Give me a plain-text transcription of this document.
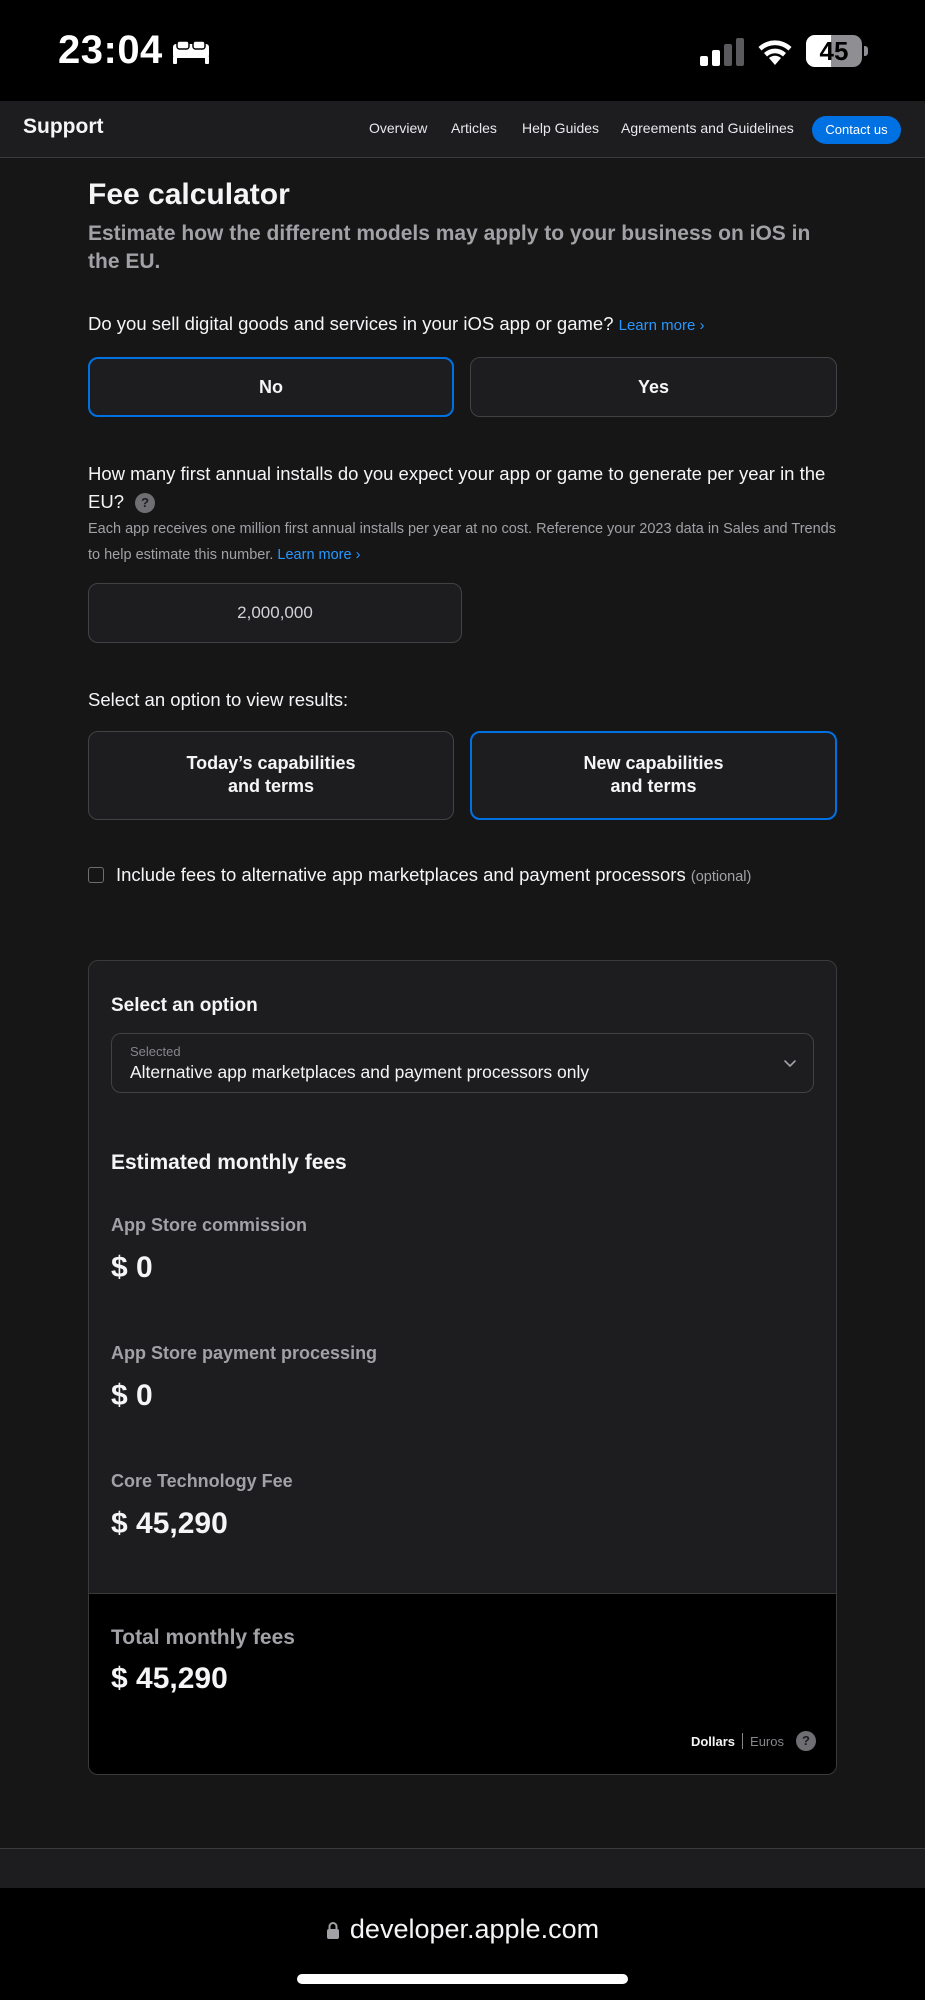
23:04	45
Support	Overview Articles Help Guides Agreements and Guidelines	Contact us
Fee calculator
Estimate how the different models may apply to your business on iOS in the EU.
Do you sell digital goods and services in your iOS app or game? Learn more ›
No	Yes
How many first annual installs do you expect your app or game to generate per year in the EU? ?
Each app receives one million first annual installs per year at no cost. Reference your 2023 data in Sales and Trends to help estimate this number. Learn more ›
2,000,000
Select an option to view results:
Today’s capabilities
and terms
New capabilities
and terms
Include fees to alternative app marketplaces and payment processors (optional)
Select an option
Selected
Alternative app marketplaces and payment processors only
Estimated monthly fees
App Store commission
$ 0
App Store payment processing
$ 0
Core Technology Fee
$ 45,290
Total monthly fees
$ 45,290
Dollars Euros	?
developer.apple.com
